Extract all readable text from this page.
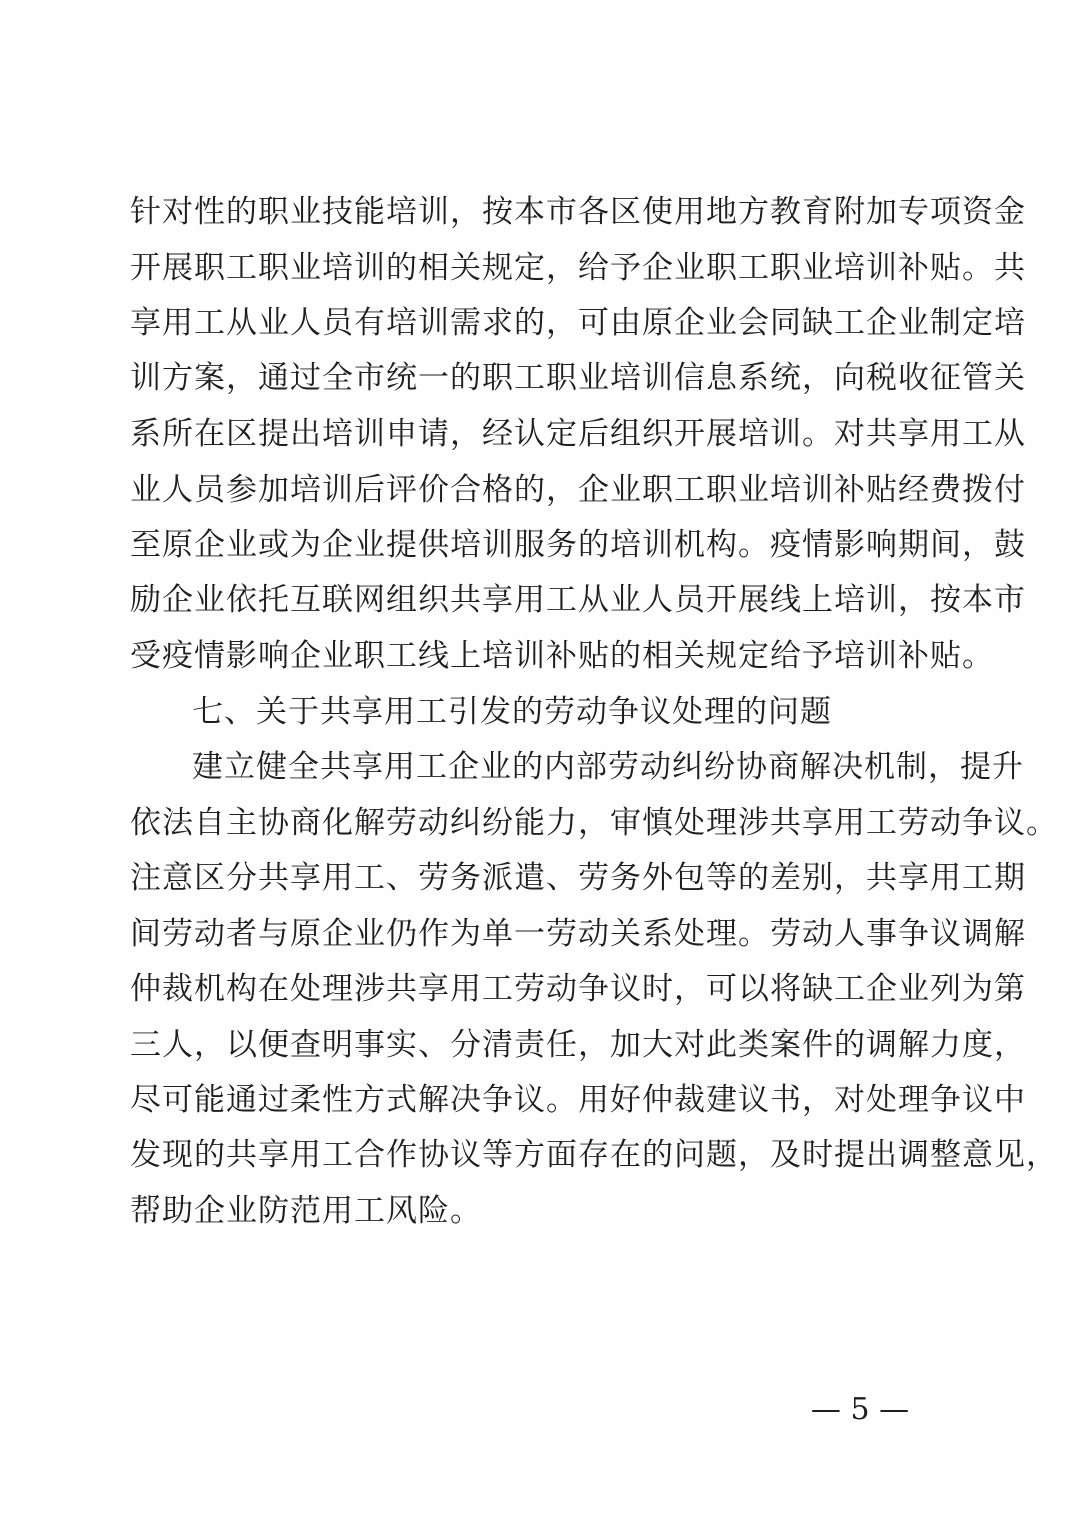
针对性的职业技能培训，按本市各区使用地方教育附加专项资金
开展职工职业培训的相关规定，给予企业职工职业培训补贴。共
享用工从业人员有培训需求的，可由原企业会同缺工企业制定培
训方案，通过全市统一的职工职业培训信息系统，向税收征管关
系所在区提出培训申请，经认定后组织开展培训。对共享用工从
业人员参加培训后评价合格的，企业职工职业培训补贴经费拨付
至原企业或为企业提供培训服务的培训机构。疫情影响期间，鼓
励企业依托互联网组织共享用工从业人员开展线上培训，按本市
受疫情影响企业职工线上培训补贴的相关规定给予培训补贴。
七、关于共享用工引发的劳动争议处理的问题
建立健全共享用工企业的内部劳动纠纷协商解决机制，提升
依法自主协商化解劳动纠纷能力，审慎处理涉共享用工劳动争议。
注意区分共享用工、劳务派遣、劳务外包等的差别，共享用工期
间劳动者与原企业仍作为单一劳动关系处理。劳动人事争议调解
仲裁机构在处理涉共享用工劳动争议时，可以将缺工企业列为第
三人，以便查明事实、分清责任，加大对此类案件的调解力度，
尽可能通过柔性方式解决争议。用好仲裁建议书，对处理争议中
发现的共享用工合作协议等方面存在的问题，及时提出调整意见，
帮助企业防范用工风险。
— 5 —
